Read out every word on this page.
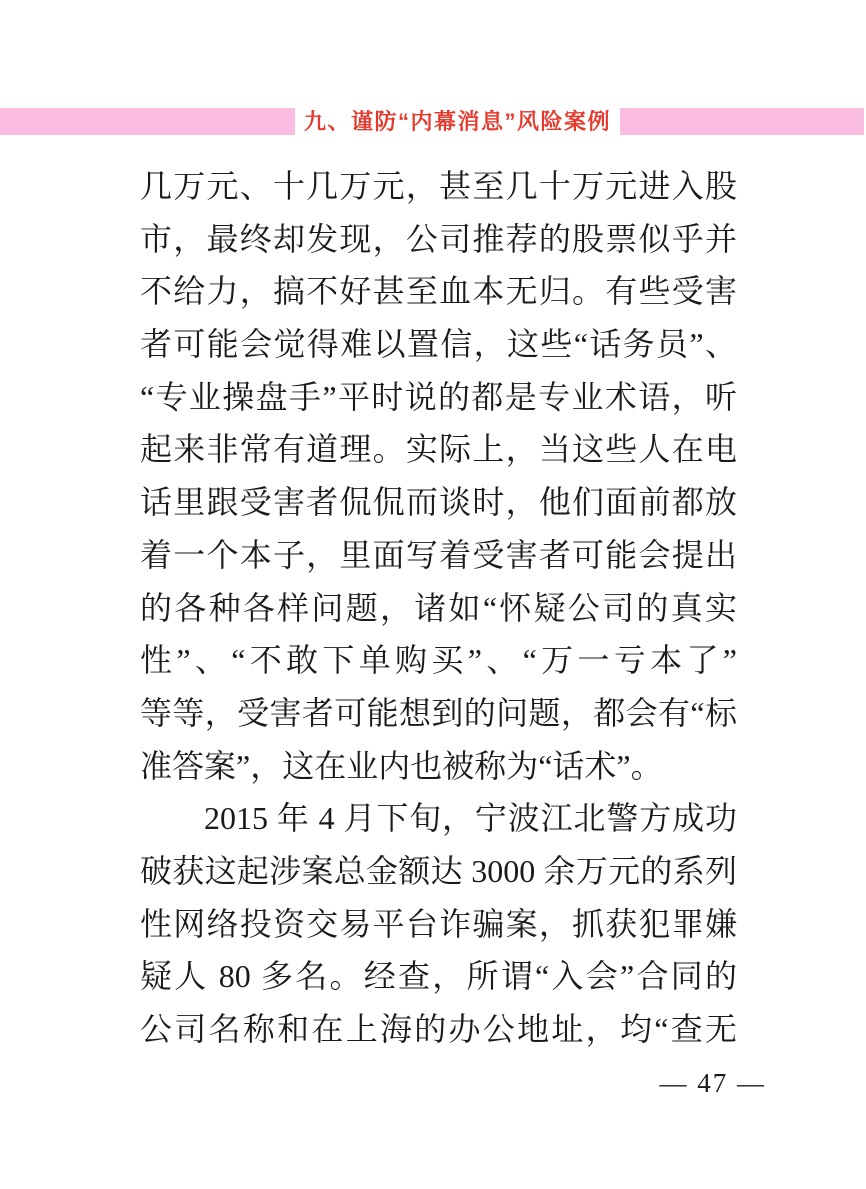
九、谨防“内幕消息”风险案例
几万元、十几万元，甚至几十万元进入股
市，最终却发现，公司推荐的股票似乎并
不给力，搞不好甚至血本无归。有些受害
者可能会觉得难以置信，这些“话务员”、
“专业操盘手”平时说的都是专业术语，听
起来非常有道理。实际上，当这些人在电
话里跟受害者侃侃而谈时，他们面前都放
着一个本子，里面写着受害者可能会提出
的各种各样问题，诸如“怀疑公司的真实
性”、“不敢下单购买”、“万一亏本了”
等等，受害者可能想到的问题，都会有“标
准答案”，这在业内也被称为“话术”。
2015 年 4 月下旬，宁波江北警方成功
破获这起涉案总金额达 3000 余万元的系列
性网络投资交易平台诈骗案，抓获犯罪嫌
疑人 80 多名。经查，所谓“入会”合同的
公司名称和在上海的办公地址，均“查无
— 47 —
